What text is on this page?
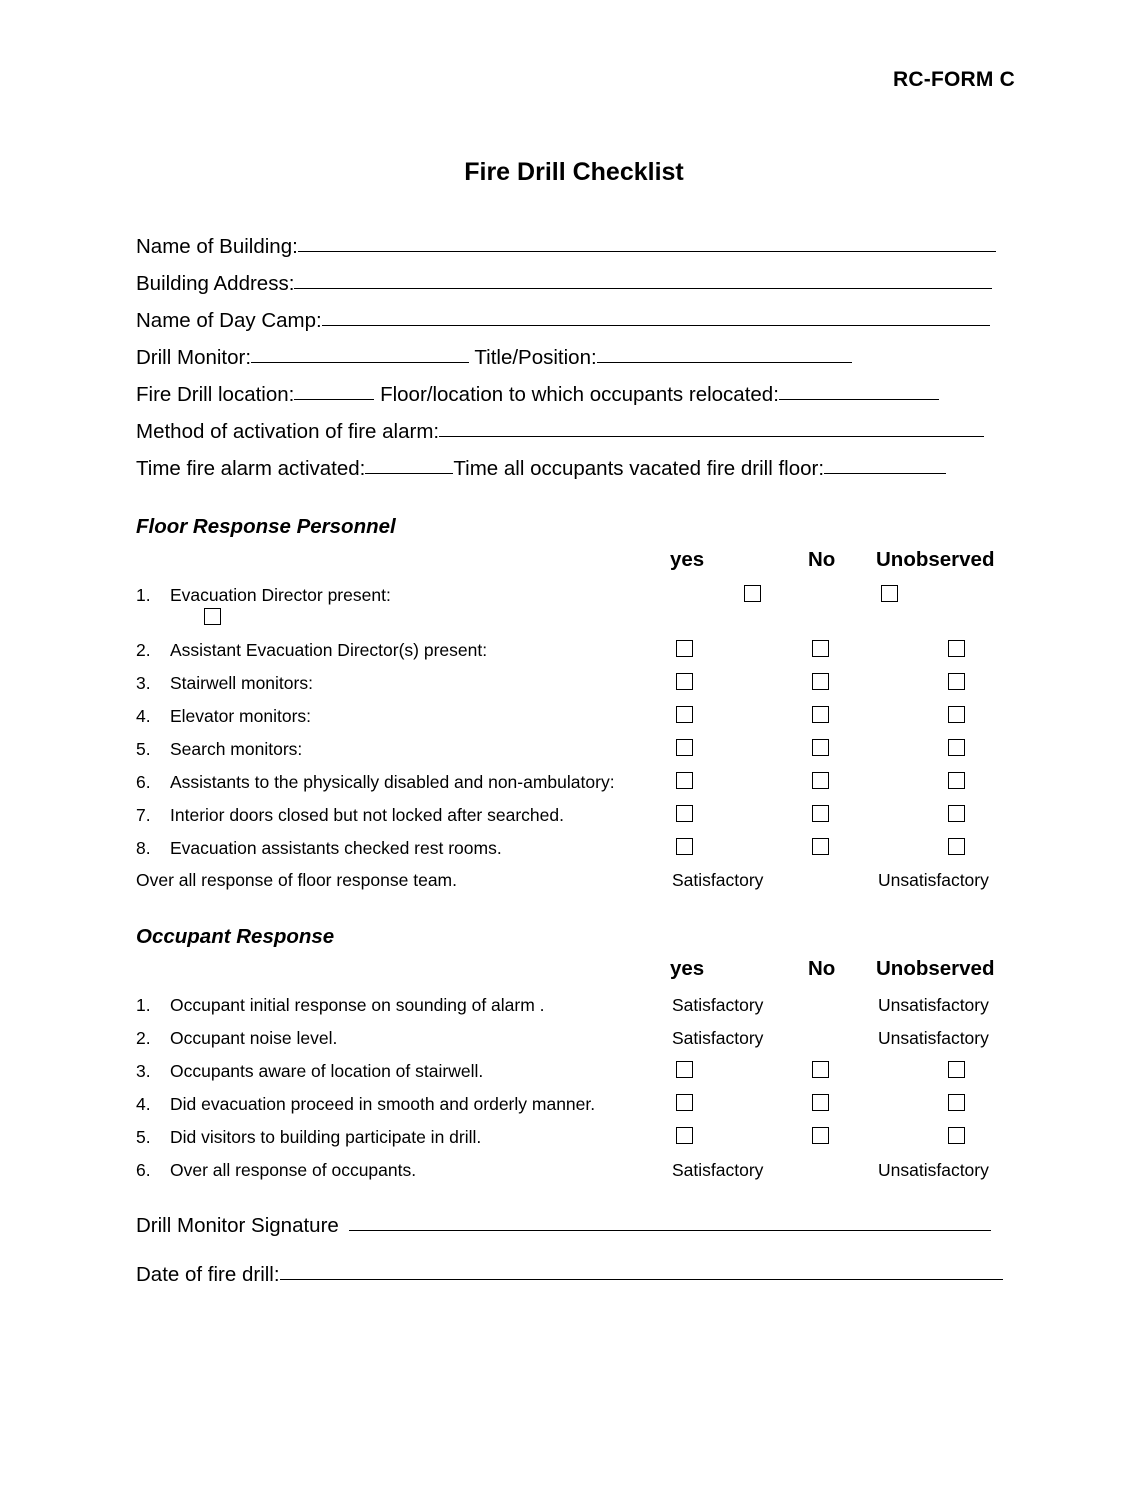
RC-FORM C
Fire Drill Checklist
Name of Building:
Building Address:
Name of Day Camp:
Drill Monitor:	Title/Position:
Fire Drill location:	Floor/location to which occupants relocated:
Method of activation of fire alarm:
Time fire alarm activated:	Time all occupants vacated fire drill floor:
Floor Response Personnel
yes	No Unobserved
1.	Evacuation Director present:
2.	Assistant Evacuation Director(s) present:
3.	Stairwell monitors:
4.	Elevator monitors:
5.	Search monitors:
6.	Assistants to the physically disabled and non-ambulatory:
7.	Interior doors closed but not locked after searched.
8.	Evacuation assistants checked rest rooms.
Over all response of floor response team.	Satisfactory	Unsatisfactory
Occupant Response
yes	No Unobserved
1.	Occupant initial response on sounding of alarm .	Satisfactory	Unsatisfactory
2.	Occupant noise level.	Satisfactory	Unsatisfactory
3.	Occupants aware of location of stairwell.
4.	Did evacuation proceed in smooth and orderly manner.
5.	Did visitors to building participate in drill.
6.	Over all response of occupants.	Satisfactory	Unsatisfactory
Drill Monitor Signature
Date of fire drill:
